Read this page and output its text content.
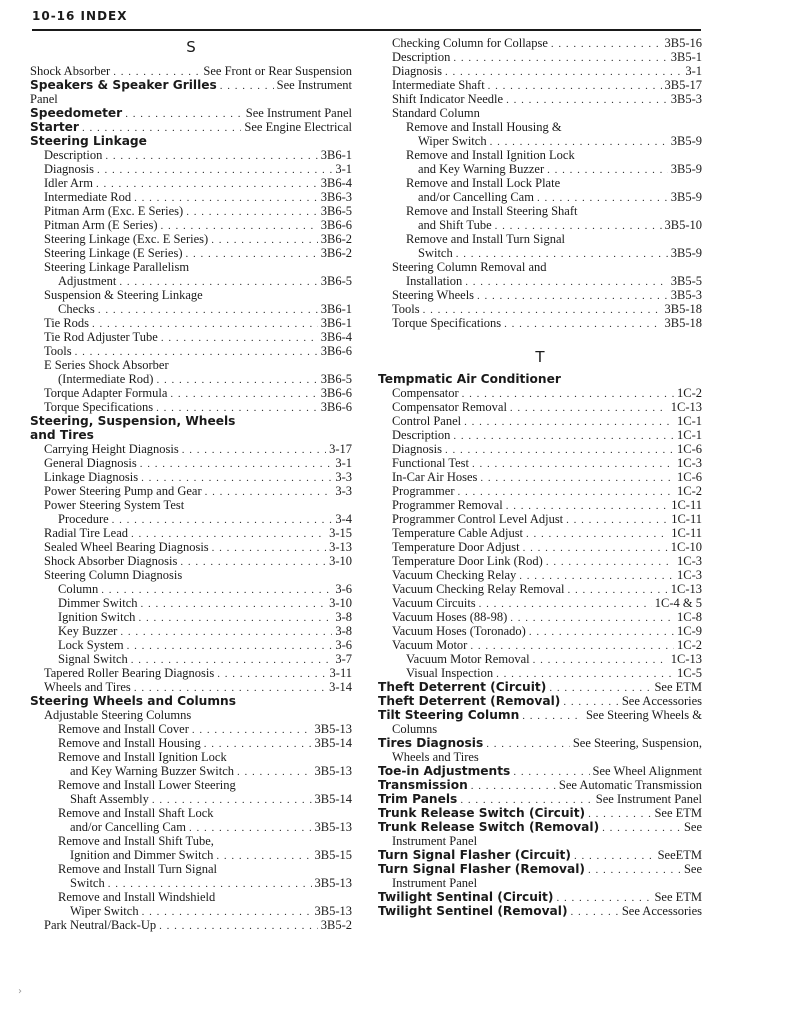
10-16 INDEX
S
Shock Absorber . . .	See Front or Rear Suspension
Speakers & Speaker Grilles . . .	See Instrument
Panel
Speedometer . . .	See Instrument Panel
Starter . . .	See Engine Electrical
Steering Linkage
Description . . .	3B6-1
Diagnosis . . .	3-1
Idler Arm . . .	3B6-4
Intermediate Rod . . .	3B6-3
Pitman Arm (Exc. E Series) . . .	3B6-5
Pitman Arm (E Series) . . .	3B6-6
Steering Linkage (Exc. E Series) . . .	3B6-2
Steering Linkage (E Series) . . .	3B6-2
Steering Linkage Parallelism
Adjustment . . .	3B6-5
Suspension & Steering Linkage
Checks . . .	3B6-1
Tie Rods . . .	3B6-1
Tie Rod Adjuster Tube . . .	3B6-4
Tools . . .	3B6-6
E Series Shock Absorber
(Intermediate Rod) . . .	3B6-5
Torque Adapter Formula . . .	3B6-6
Torque Specifications . . .	3B6-6
Steering, Suspension, Wheels
and Tires
Carrying Height Diagnosis . . .	3-17
General Diagnosis . . .	3-1
Linkage Diagnosis . . .	3-3
Power Steering Pump and Gear . . .	3-3
Power Steering System Test
Procedure . . .	3-4
Radial Tire Lead . . .	3-15
Sealed Wheel Bearing Diagnosis . . .	3-13
Shock Absorber Diagnosis . . .	3-10
Steering Column Diagnosis
Column . . .	3-6
Dimmer Switch . . .	3-10
Ignition Switch . . .	3-8
Key Buzzer . . .	3-8
Lock System . . .	3-6
Signal Switch . . .	3-7
Tapered Roller Bearing Diagnosis . . .	3-11
Wheels and Tires . . .	3-14
Steering Wheels and Columns
Adjustable Steering Columns
Remove and Install Cover . . .	3B5-13
Remove and Install Housing . . .	3B5-14
Remove and Install Ignition Lock
and Key Warning Buzzer Switch . . .	3B5-13
Remove and Install Lower Steering
Shaft Assembly . . .	3B5-14
Remove and Install Shaft Lock
and/or Cancelling Cam . . .	3B5-13
Remove and Install Shift Tube,
Ignition and Dimmer Switch . . .	3B5-15
Remove and Install Turn Signal
Switch . . .	3B5-13
Remove and Install Windshield
Wiper Switch . . .	3B5-13
Park Neutral/Back-Up . . .	3B5-2
Checking Column for Collapse . . .	3B5-16
Description . . .	3B5-1
Diagnosis . . .	3-1
Intermediate Shaft . . .	3B5-17
Shift Indicator Needle . . .	3B5-3
Standard Column
Remove and Install Housing &
Wiper Switch . . .	3B5-9
Remove and Install Ignition Lock
and Key Warning Buzzer . . .	3B5-9
Remove and Install Lock Plate
and/or Cancelling Cam . . .	3B5-9
Remove and Install Steering Shaft
and Shift Tube . . .	3B5-10
Remove and Install Turn Signal
Switch . . .	3B5-9
Steering Column Removal and
Installation . . .	3B5-5
Steering Wheels . . .	3B5-3
Tools . . .	3B5-18
Torque Specifications . . .	3B5-18
T
Tempmatic Air Conditioner
Compensator . . .	1C-2
Compensator Removal . . .	1C-13
Control Panel . . .	1C-1
Description . . .	1C-1
Diagnosis . . .	1C-6
Functional Test . . .	1C-3
In-Car Air Hoses . . .	1C-6
Programmer . . .	1C-2
Programmer Removal . . .	1C-11
Programmer Control Level Adjust . . .	1C-11
Temperature Cable Adjust . . .	1C-11
Temperature Door Adjust . . .	1C-10
Temperature Door Link (Rod) . . .	1C-3
Vacuum Checking Relay . . .	1C-3
Vacuum Checking Relay Removal . . .	1C-13
Vacuum Circuits . . .	1C-4 & 5
Vacuum Hoses (88-98) . . .	1C-8
Vacuum Hoses (Toronado) . . .	1C-9
Vacuum Motor . . .	1C-2
Vacuum Motor Removal . . .	1C-13
Visual Inspection . . .	1C-5
Theft Deterrent (Circuit) . . .	See ETM
Theft Deterrent (Removal) . . .	See Accessories
Tilt Steering Column . . .	See Steering Wheels &
Columns
Tires Diagnosis . . .	See Steering, Suspension,
Wheels and Tires
Toe-in Adjustments . . .	See Wheel Alignment
Transmission . . .	See Automatic Transmission
Trim Panels . . .	See Instrument Panel
Trunk Release Switch (Circuit) . . .	See ETM
Trunk Release Switch (Removal) . . .	See
Instrument Panel
Turn Signal Flasher (Circuit) . . .	SeeETM
Turn Signal Flasher (Removal) . . .	See
Instrument Panel
Twilight Sentinal (Circuit) . . .	See ETM
Twilight Sentinel (Removal) . . .	See Accessories
›
